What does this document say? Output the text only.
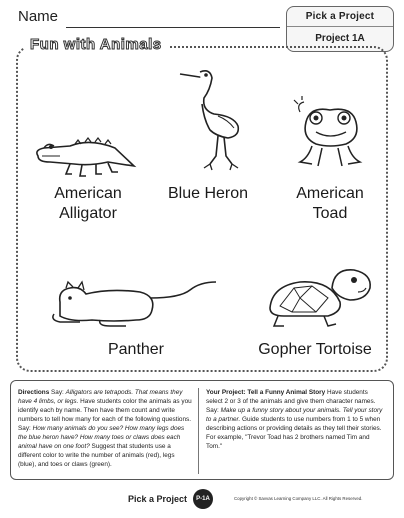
Name	Pick a Project
Project 1A
Fun with Animals
American
Alligator
Blue Heron	American
Toad
Panther	Gopher Tortoise
Directions Say: Alligators are tetrapods. That means they have 4 limbs, or legs. Have students color the animals as you identify each by name. Then have them count and write numbers to tell how many for each of the following questions. Say: How many animals do you see? How many legs does the blue heron have? How many toes or claws does each animal have on one foot? Suggest that students use a different color to write the number of animals (red), legs (blue), and toes or claws (green).
Your Project: Tell a Funny Animal Story Have students select 2 or 3 of the animals and give them character names. Say: Make up a funny story about your animals. Tell your story to a partner. Guide students to use numbers from 1 to 5 when describing actions or providing details as they tell their stories. For example, "Trevor Toad has 2 brothers named Tim and Tom."
Pick a Project	P-1A	Copyright © Savvas Learning Company LLC. All Rights Reserved.
